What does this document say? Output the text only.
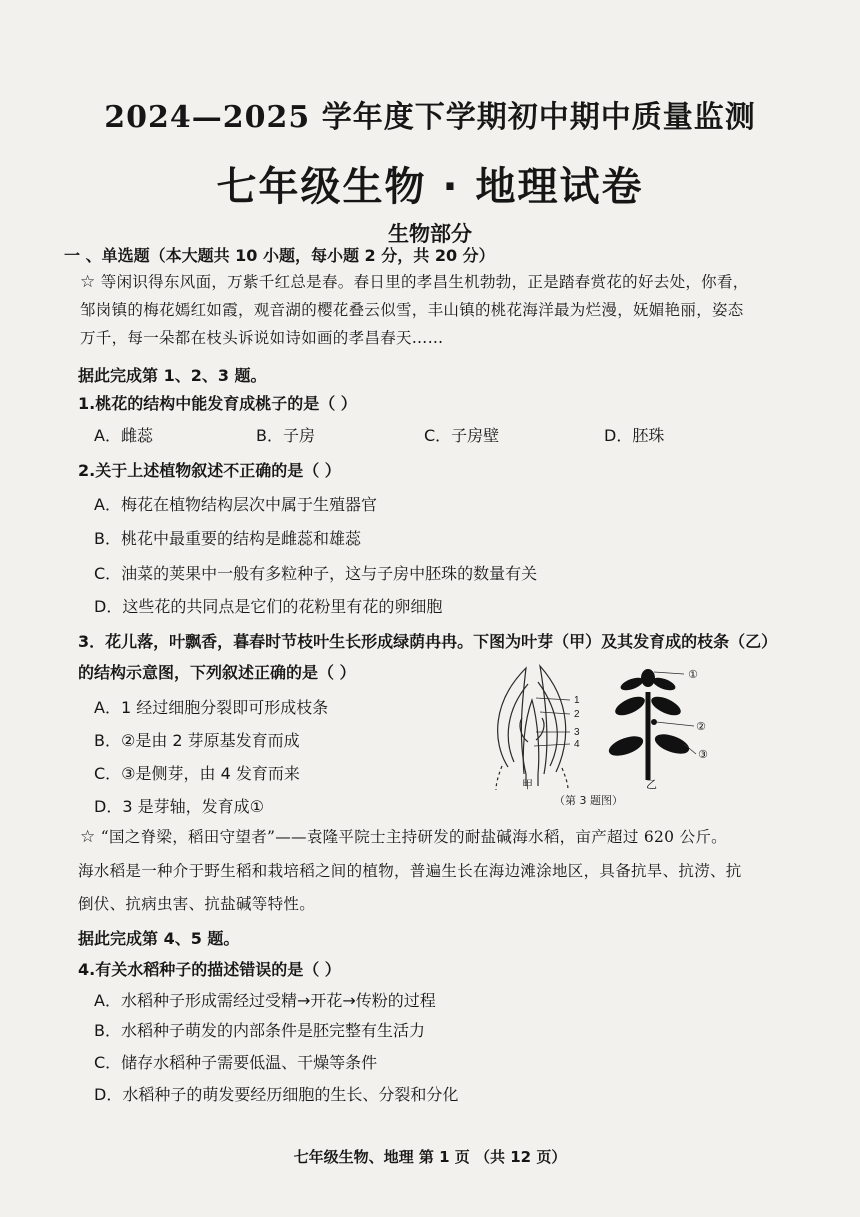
2024—2025 学年度下学期初中期中质量监测
七年级生物 · 地理试卷
生物部分
一 、单选题（本大题共 10 小题，每小题 2 分，共 20 分）
☆ 等闲识得东风面，万紫千红总是春。春日里的孝昌生机勃勃，正是踏春赏花的好去处，你看，
邹岗镇的梅花嫣红如霞，观音湖的樱花叠云似雪，丰山镇的桃花海洋最为烂漫，妩媚艳丽，姿态
万千，每一朵都在枝头诉说如诗如画的孝昌春天……
据此完成第 1、2、3 题。
1.桃花的结构中能发育成桃子的是（ ）
A．雌蕊	B．子房	C．子房壁	D．胚珠
2.关于上述植物叙述不正确的是（ ）
A．梅花在植物结构层次中属于生殖器官
B．桃花中最重要的结构是雌蕊和雄蕊
C．油菜的荚果中一般有多粒种子，这与子房中胚珠的数量有关
D．这些花的共同点是它们的花粉里有花的卵细胞
3．花儿落，叶飘香，暮春时节枝叶生长形成绿荫冉冉。下图为叶芽（甲）及其发育成的枝条（乙）
的结构示意图，下列叙述正确的是（ ）
A．1 经过细胞分裂即可形成枝条
B．②是由 2 芽原基发育而成
C．③是侧芽，由 4 发育而来
D．3 是芽轴，发育成①
1
2
3
4
①
②
③
甲	乙
（第 3 题图）
☆ “国之脊梁，稻田守望者”——袁隆平院士主持研发的耐盐碱海水稻，亩产超过 620 公斤。
海水稻是一种介于野生稻和栽培稻之间的植物，普遍生长在海边滩涂地区，具备抗旱、抗涝、抗
倒伏、抗病虫害、抗盐碱等特性。
据此完成第 4、5 题。
4.有关水稻种子的描述错误的是（ ）
A．水稻种子形成需经过受精→开花→传粉的过程
B．水稻种子萌发的内部条件是胚完整有生活力
C．储存水稻种子需要低温、干燥等条件
D．水稻种子的萌发要经历细胞的生长、分裂和分化
七年级生物、地理 第 1 页 （共 12 页）
